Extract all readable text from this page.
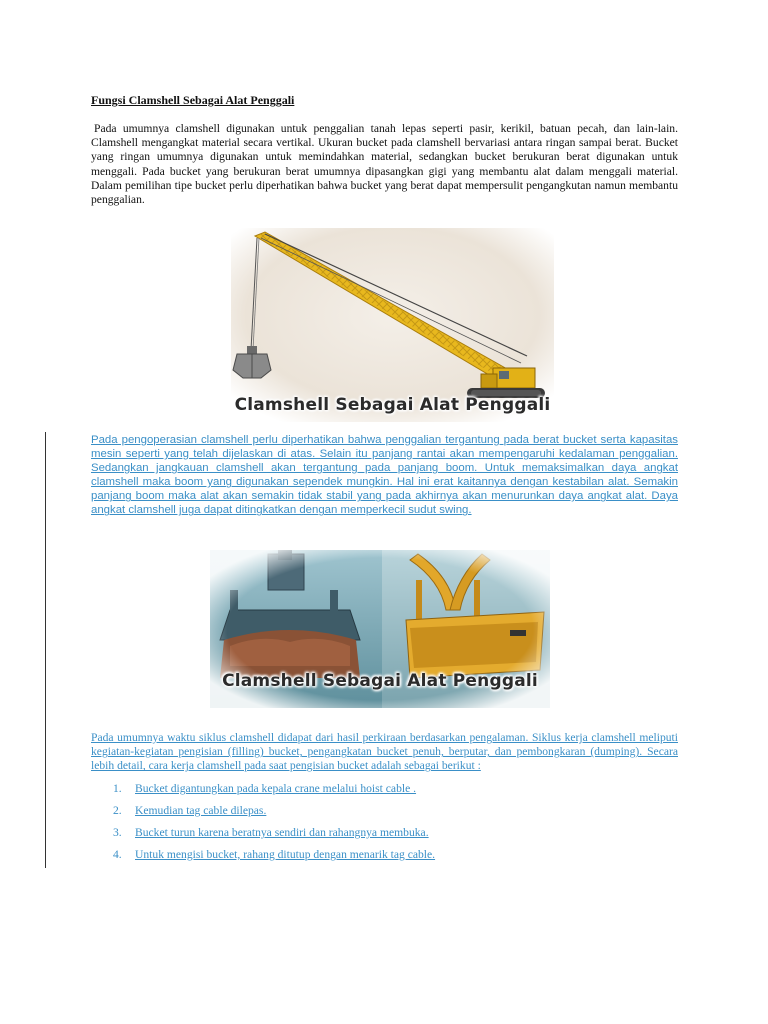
Fungsi Clamshell Sebagai Alat Penggali

Pada umumnya clamshell digunakan untuk penggalian tanah lepas seperti pasir, kerikil, batuan pecah, dan lain-lain. Clamshell mengangkat material secara vertikal. Ukuran bucket pada clamshell bervariasi antara ringan sampai berat. Bucket yang ringan umumnya digunakan untuk memindahkan material, sedangkan bucket berukuran berat digunakan untuk menggali. Pada bucket yang berukuran berat umumnya dipasangkan gigi yang membantu alat dalam menggali material. Dalam pemilihan tipe bucket perlu diperhatikan bahwa bucket yang berat dapat mempersulit pengangkutan namun membantu penggalian.

Clamshell Sebagai Alat Penggali

Pada pengoperasian clamshell perlu diperhatikan bahwa penggalian tergantung pada berat bucket serta kapasitas mesin seperti yang telah dijelaskan di atas. Selain itu panjang rantai akan mempengaruhi kedalaman penggalian. Sedangkan jangkauan clamshell akan tergantung pada panjang boom. Untuk memaksimalkan daya angkat clamshell maka boom yang digunakan sependek mungkin. Hal ini erat kaitannya dengan kestabilan alat. Semakin panjang boom maka alat akan semakin tidak stabil yang pada akhirnya akan menurunkan daya angkat alat. Daya angkat clamshell juga dapat ditingkatkan dengan memperkecil sudut swing.

Clamshell Sebagai Alat Penggali

Pada umumnya waktu siklus clamshell didapat dari hasil perkiraan berdasarkan pengalaman. Siklus kerja clamshell meliputi kegiatan-kegiatan pengisian (filling) bucket, pengangkatan bucket penuh, berputar, dan pembongkaran (dumping). Secara lebih detail, cara kerja clamshell pada saat pengisian bucket adalah sebagai berikut :

1. Bucket digantungkan pada kepala crane melalui hoist cable .
2. Kemudian tag cable dilepas.
3. Bucket turun karena beratnya sendiri dan rahangnya membuka.
4. Untuk mengisi bucket, rahang ditutup dengan menarik tag cable.
